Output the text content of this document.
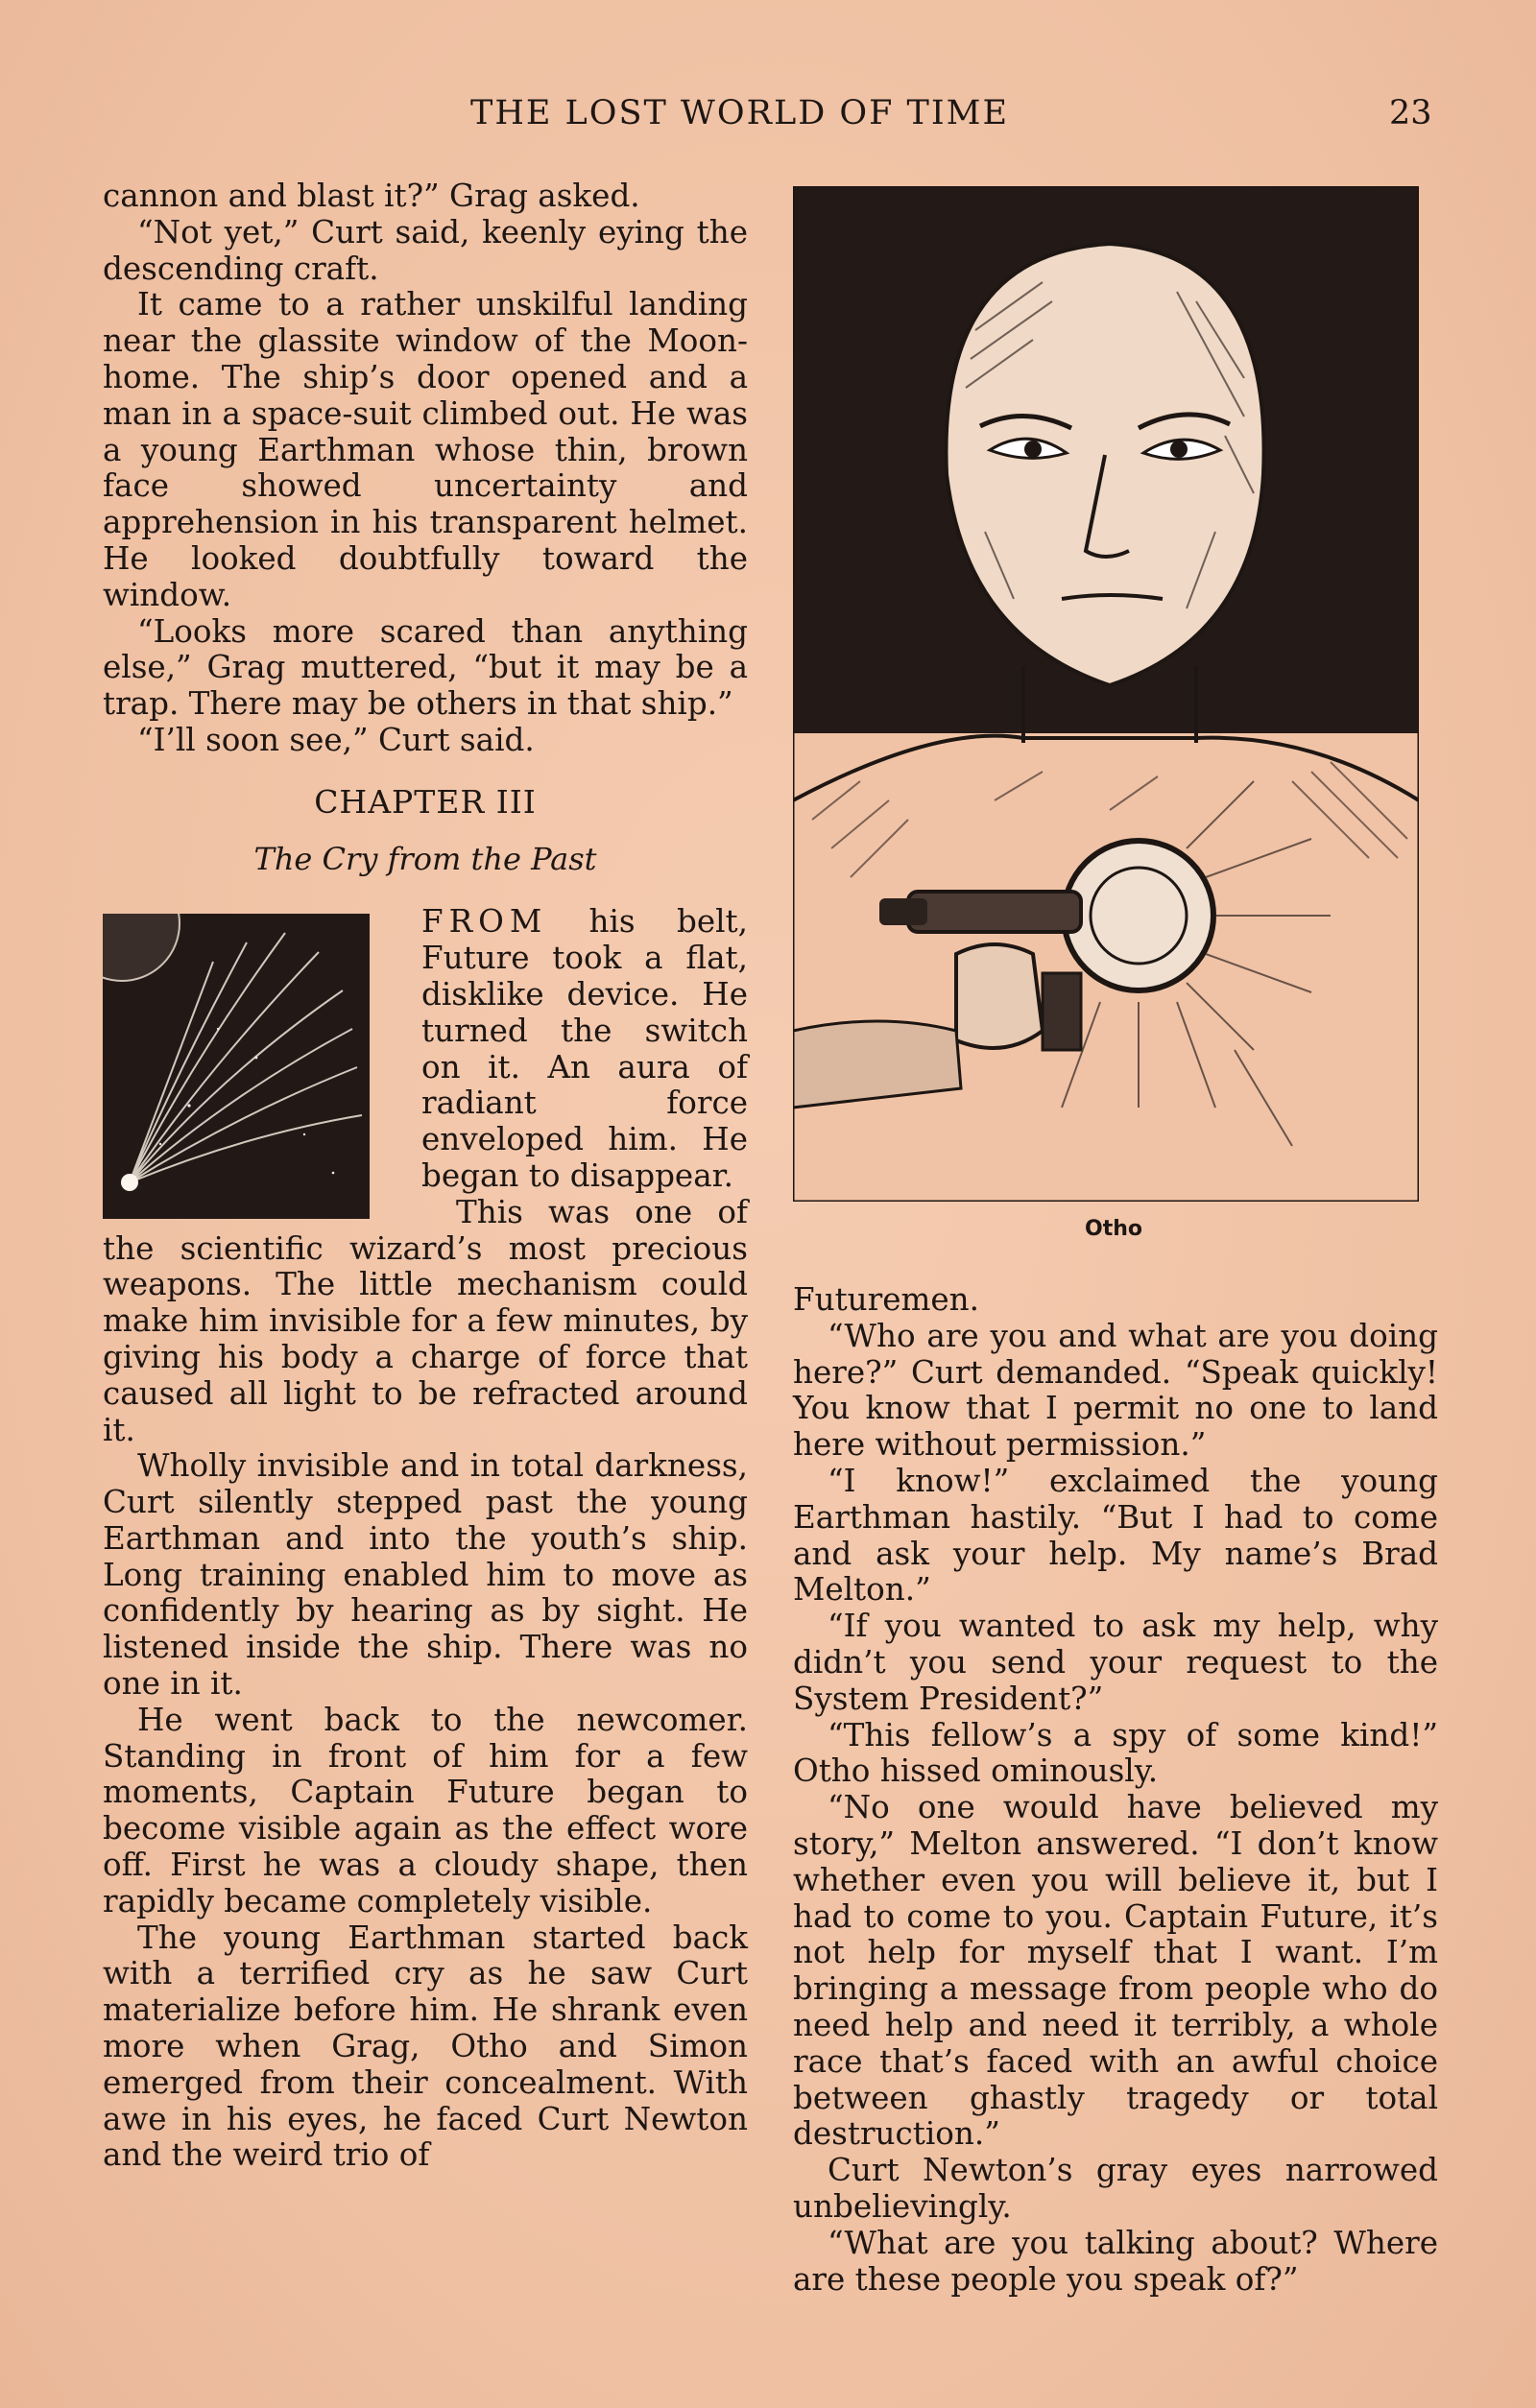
THE LOST WORLD OF TIME	23

cannon and blast it?” Grag asked.

“Not yet,” Curt said, keenly eying the descending craft.

It came to a rather unskilful landing near the glassite window of the Moon-home. The ship’s door opened and a man in a space-suit climbed out. He was a young Earthman whose thin, brown face showed uncertainty and apprehension in his transparent helmet. He looked doubtfully toward the window.

“Looks more scared than anything else,” Grag muttered, “but it may be a trap. There may be others in that ship.”

“I’ll soon see,” Curt said.

CHAPTER III
The Cry from the Past

FROM his belt, Future took a flat, disklike device. He turned the switch on it. An aura of radiant force enveloped him. He began to disappear.

This was one of the scientific wizard’s most precious weapons. The little mechanism could make him invisible for a few minutes, by giving his body a charge of force that caused all light to be refracted around it.

Wholly invisible and in total darkness, Curt silently stepped past the young Earthman and into the youth’s ship. Long training enabled him to move as confidently by hearing as by sight. He listened inside the ship. There was no one in it.

He went back to the newcomer. Standing in front of him for a few moments, Captain Future began to become visible again as the effect wore off. First he was a cloudy shape, then rapidly became completely visible.

The young Earthman started back with a terrified cry as he saw Curt materialize before him. He shrank even more when Grag, Otho and Simon emerged from their concealment. With awe in his eyes, he faced Curt Newton and the weird trio of

Otho

Futuremen.

“Who are you and what are you doing here?” Curt demanded. “Speak quickly! You know that I permit no one to land here without permission.”

“I know!” exclaimed the young Earthman hastily. “But I had to come and ask your help. My name’s Brad Melton.”

“If you wanted to ask my help, why didn’t you send your request to the System President?”

“This fellow’s a spy of some kind!” Otho hissed ominously.

“No one would have believed my story,” Melton answered. “I don’t know whether even you will believe it, but I had to come to you. Captain Future, it’s not help for myself that I want. I’m bringing a message from people who do need help and need it terribly, a whole race that’s faced with an awful choice between ghastly tragedy or total destruction.”

Curt Newton’s gray eyes narrowed unbelievingly.

“What are you talking about? Where are these people you speak of?”
